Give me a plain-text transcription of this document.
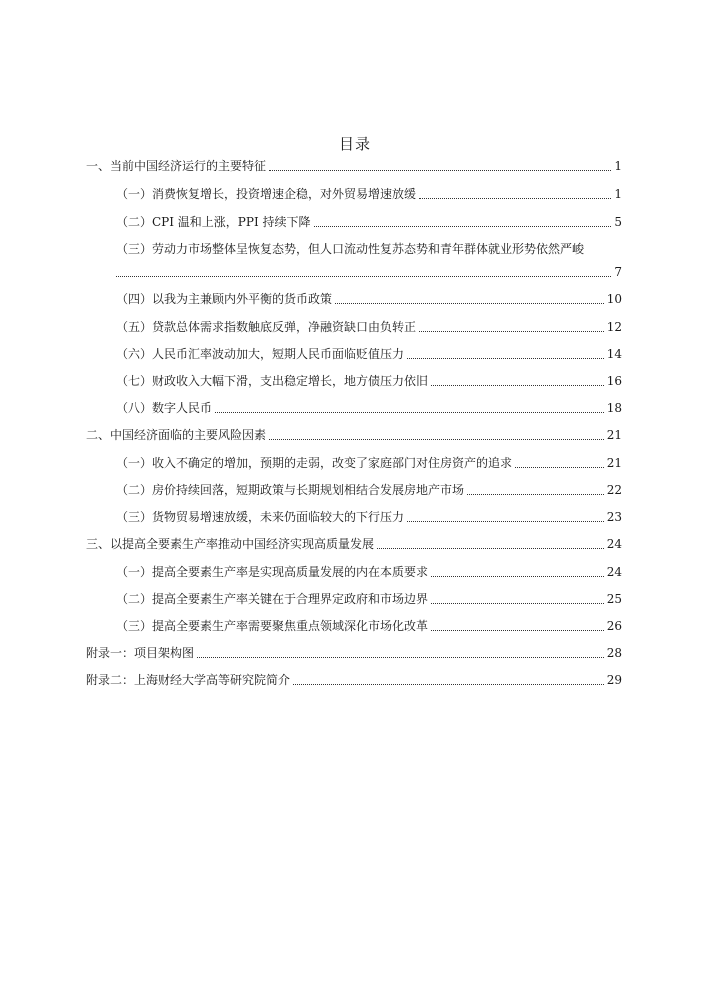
目录
一、当前中国经济运行的主要特征	1
（一）消费恢复增长，投资增速企稳，对外贸易增速放缓	1
（二）CPI 温和上涨，PPI 持续下降	5
（三）劳动力市场整体呈恢复态势，但人口流动性复苏态势和青年群体就业形势依然严峻
7
（四）以我为主兼顾内外平衡的货币政策	10
（五）贷款总体需求指数触底反弹，净融资缺口由负转正	12
（六）人民币汇率波动加大，短期人民币面临贬值压力	14
（七）财政收入大幅下滑，支出稳定增长，地方债压力依旧	16
（八）数字人民币	18
二、中国经济面临的主要风险因素	21
（一）收入不确定的增加，预期的走弱，改变了家庭部门对住房资产的追求	21
（二）房价持续回落，短期政策与长期规划相结合发展房地产市场	22
（三）货物贸易增速放缓，未来仍面临较大的下行压力	23
三、以提高全要素生产率推动中国经济实现高质量发展	24
（一）提高全要素生产率是实现高质量发展的内在本质要求	24
（二）提高全要素生产率关键在于合理界定政府和市场边界	25
（三）提高全要素生产率需要聚焦重点领域深化市场化改革	26
附录一：项目架构图	28
附录二：上海财经大学高等研究院简介	29
